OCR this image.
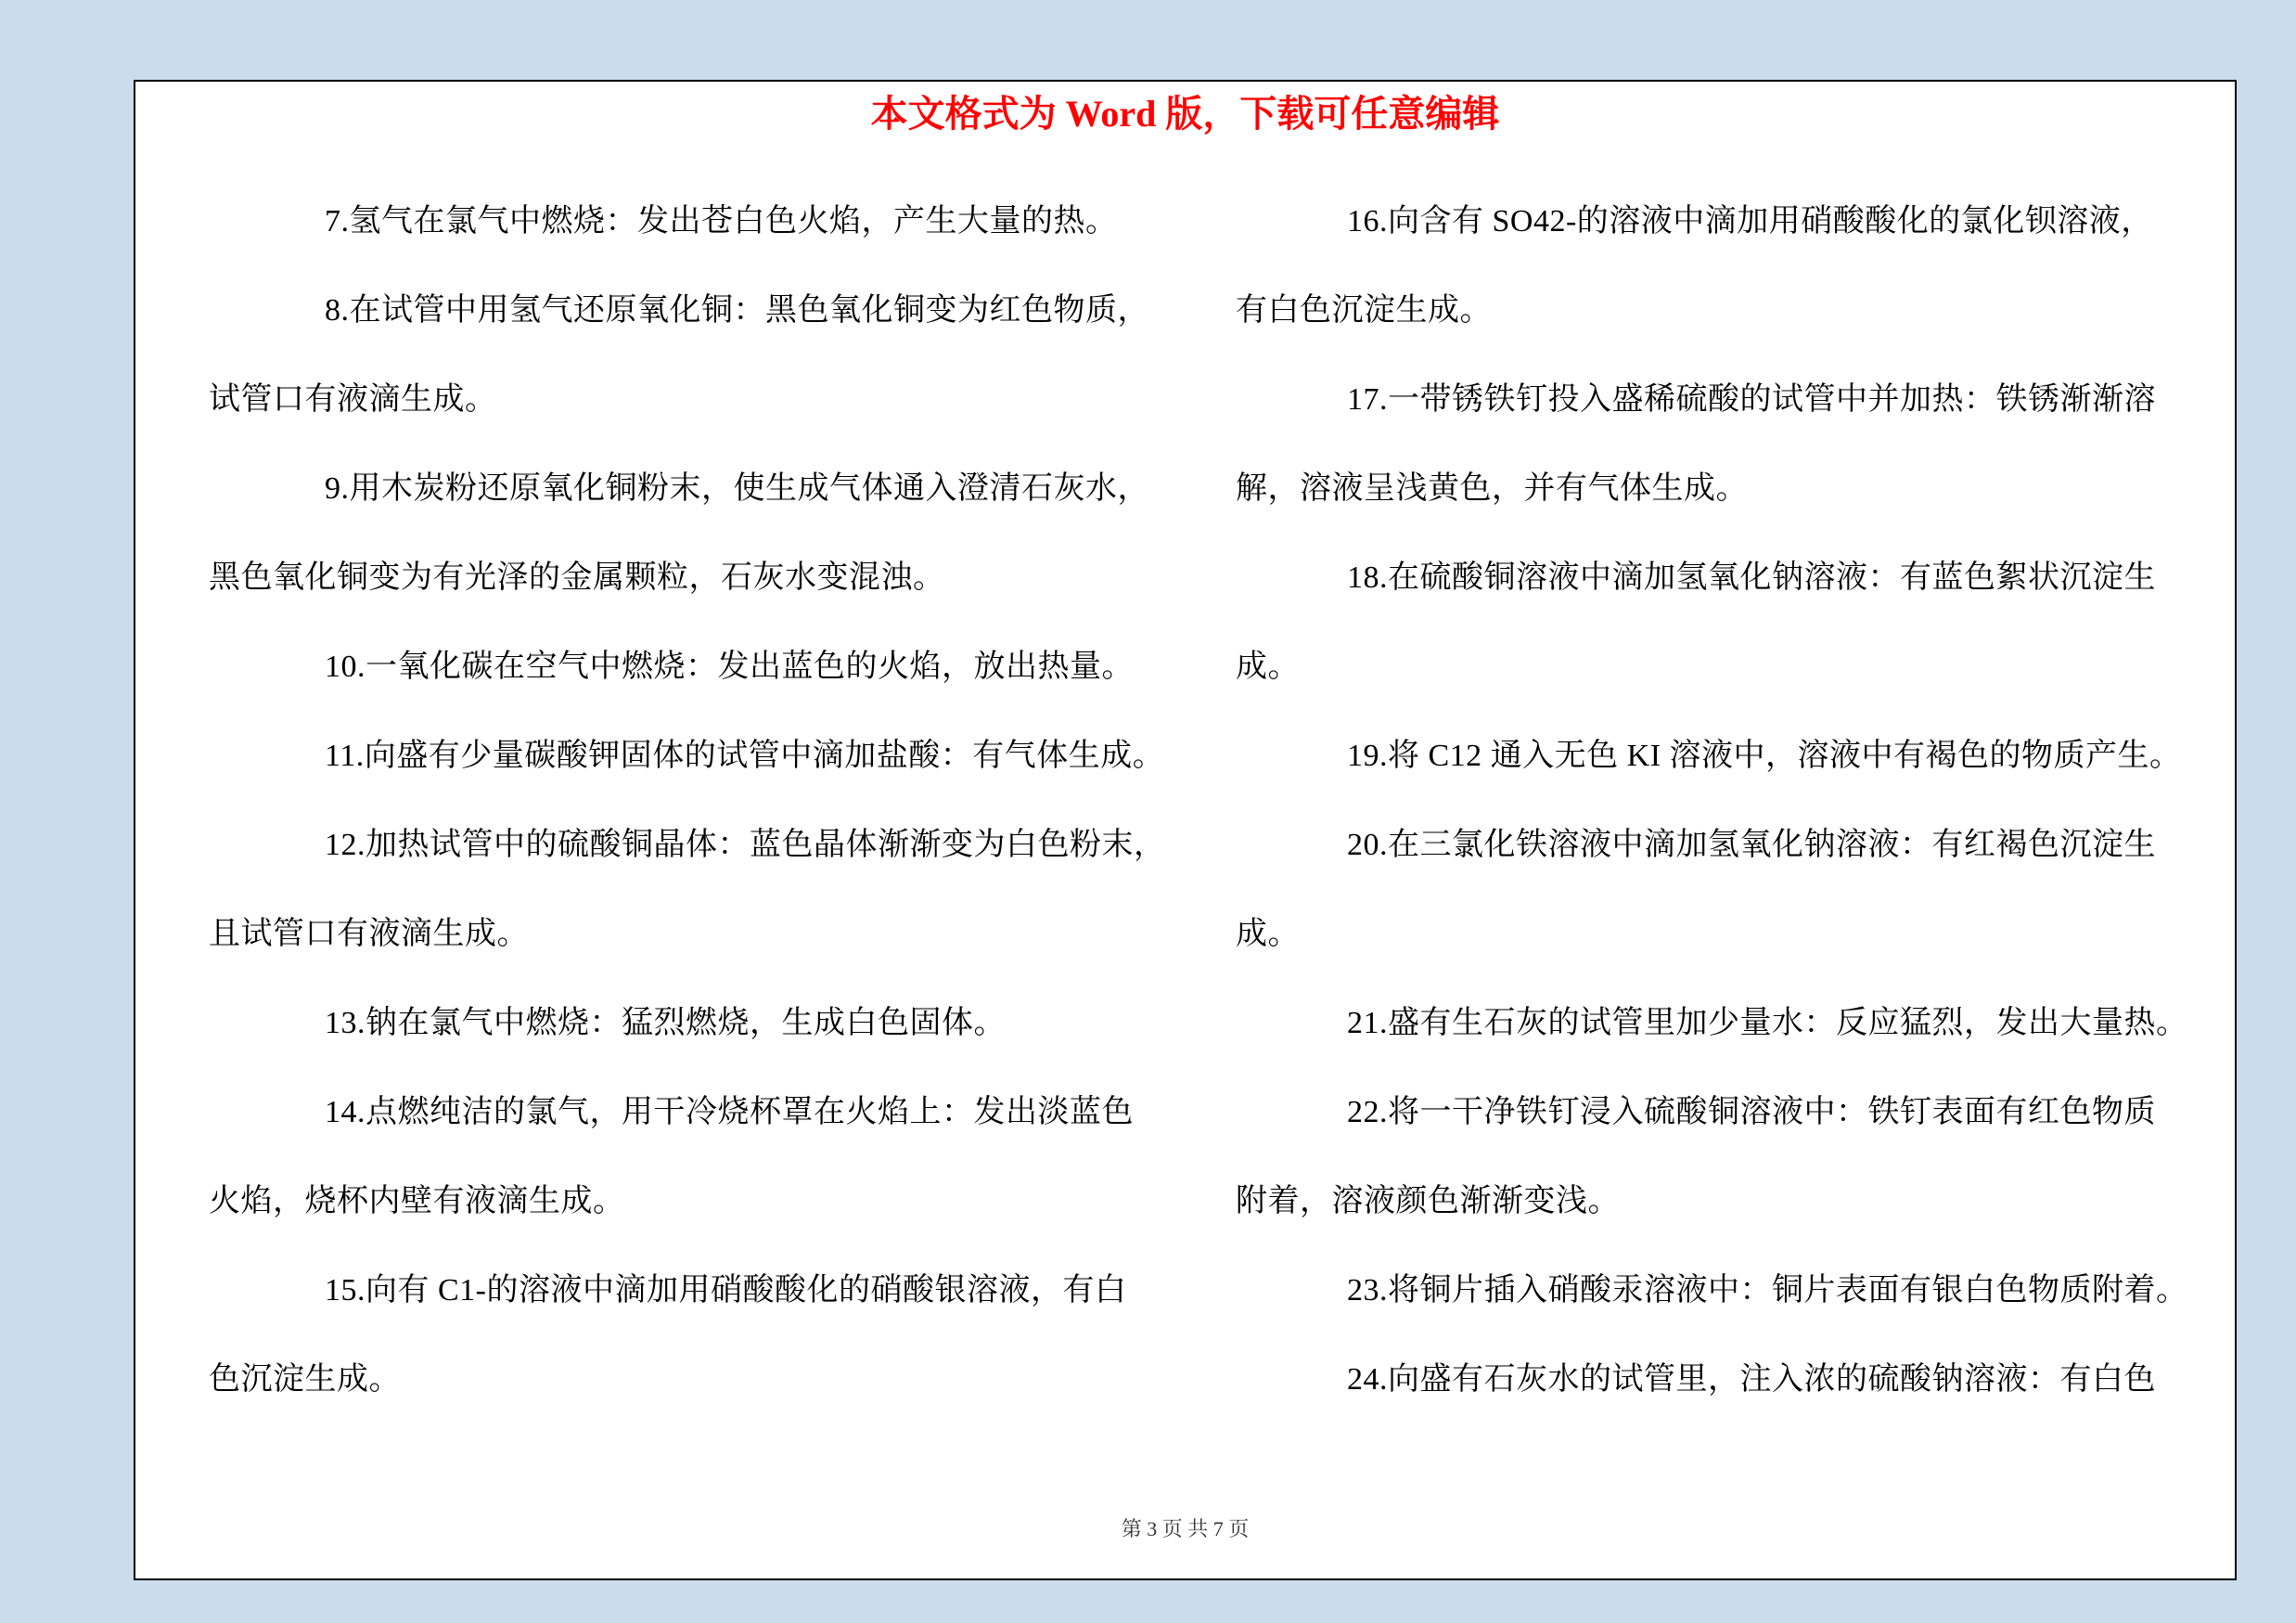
本文格式为 Word 版，下载可任意编辑
7.氢气在氯气中燃烧：发出苍白色火焰，产生大量的热。
8.在试管中用氢气还原氧化铜：黑色氧化铜变为红色物质，
试管口有液滴生成。
9.用木炭粉还原氧化铜粉末，使生成气体通入澄清石灰水，
黑色氧化铜变为有光泽的金属颗粒，石灰水变混浊。
10.一氧化碳在空气中燃烧：发出蓝色的火焰，放出热量。
11.向盛有少量碳酸钾固体的试管中滴加盐酸：有气体生成。
12.加热试管中的硫酸铜晶体：蓝色晶体渐渐变为白色粉末，
且试管口有液滴生成。
13.钠在氯气中燃烧：猛烈燃烧，生成白色固体。
14.点燃纯洁的氯气，用干冷烧杯罩在火焰上：发出淡蓝色
火焰，烧杯内壁有液滴生成。
15.向有 C1-的溶液中滴加用硝酸酸化的硝酸银溶液，有白
色沉淀生成。
16.向含有 SO42-的溶液中滴加用硝酸酸化的氯化钡溶液，
有白色沉淀生成。
17.一带锈铁钉投入盛稀硫酸的试管中并加热：铁锈渐渐溶
解，溶液呈浅黄色，并有气体生成。
18.在硫酸铜溶液中滴加氢氧化钠溶液：有蓝色絮状沉淀生
成。
19.将 C12 通入无色 KI 溶液中，溶液中有褐色的物质产生。
20.在三氯化铁溶液中滴加氢氧化钠溶液：有红褐色沉淀生
成。
21.盛有生石灰的试管里加少量水：反应猛烈，发出大量热。
22.将一干净铁钉浸入硫酸铜溶液中：铁钉表面有红色物质
附着，溶液颜色渐渐变浅。
23.将铜片插入硝酸汞溶液中：铜片表面有银白色物质附着。
24.向盛有石灰水的试管里，注入浓的硫酸钠溶液：有白色
第 3 页 共 7 页
